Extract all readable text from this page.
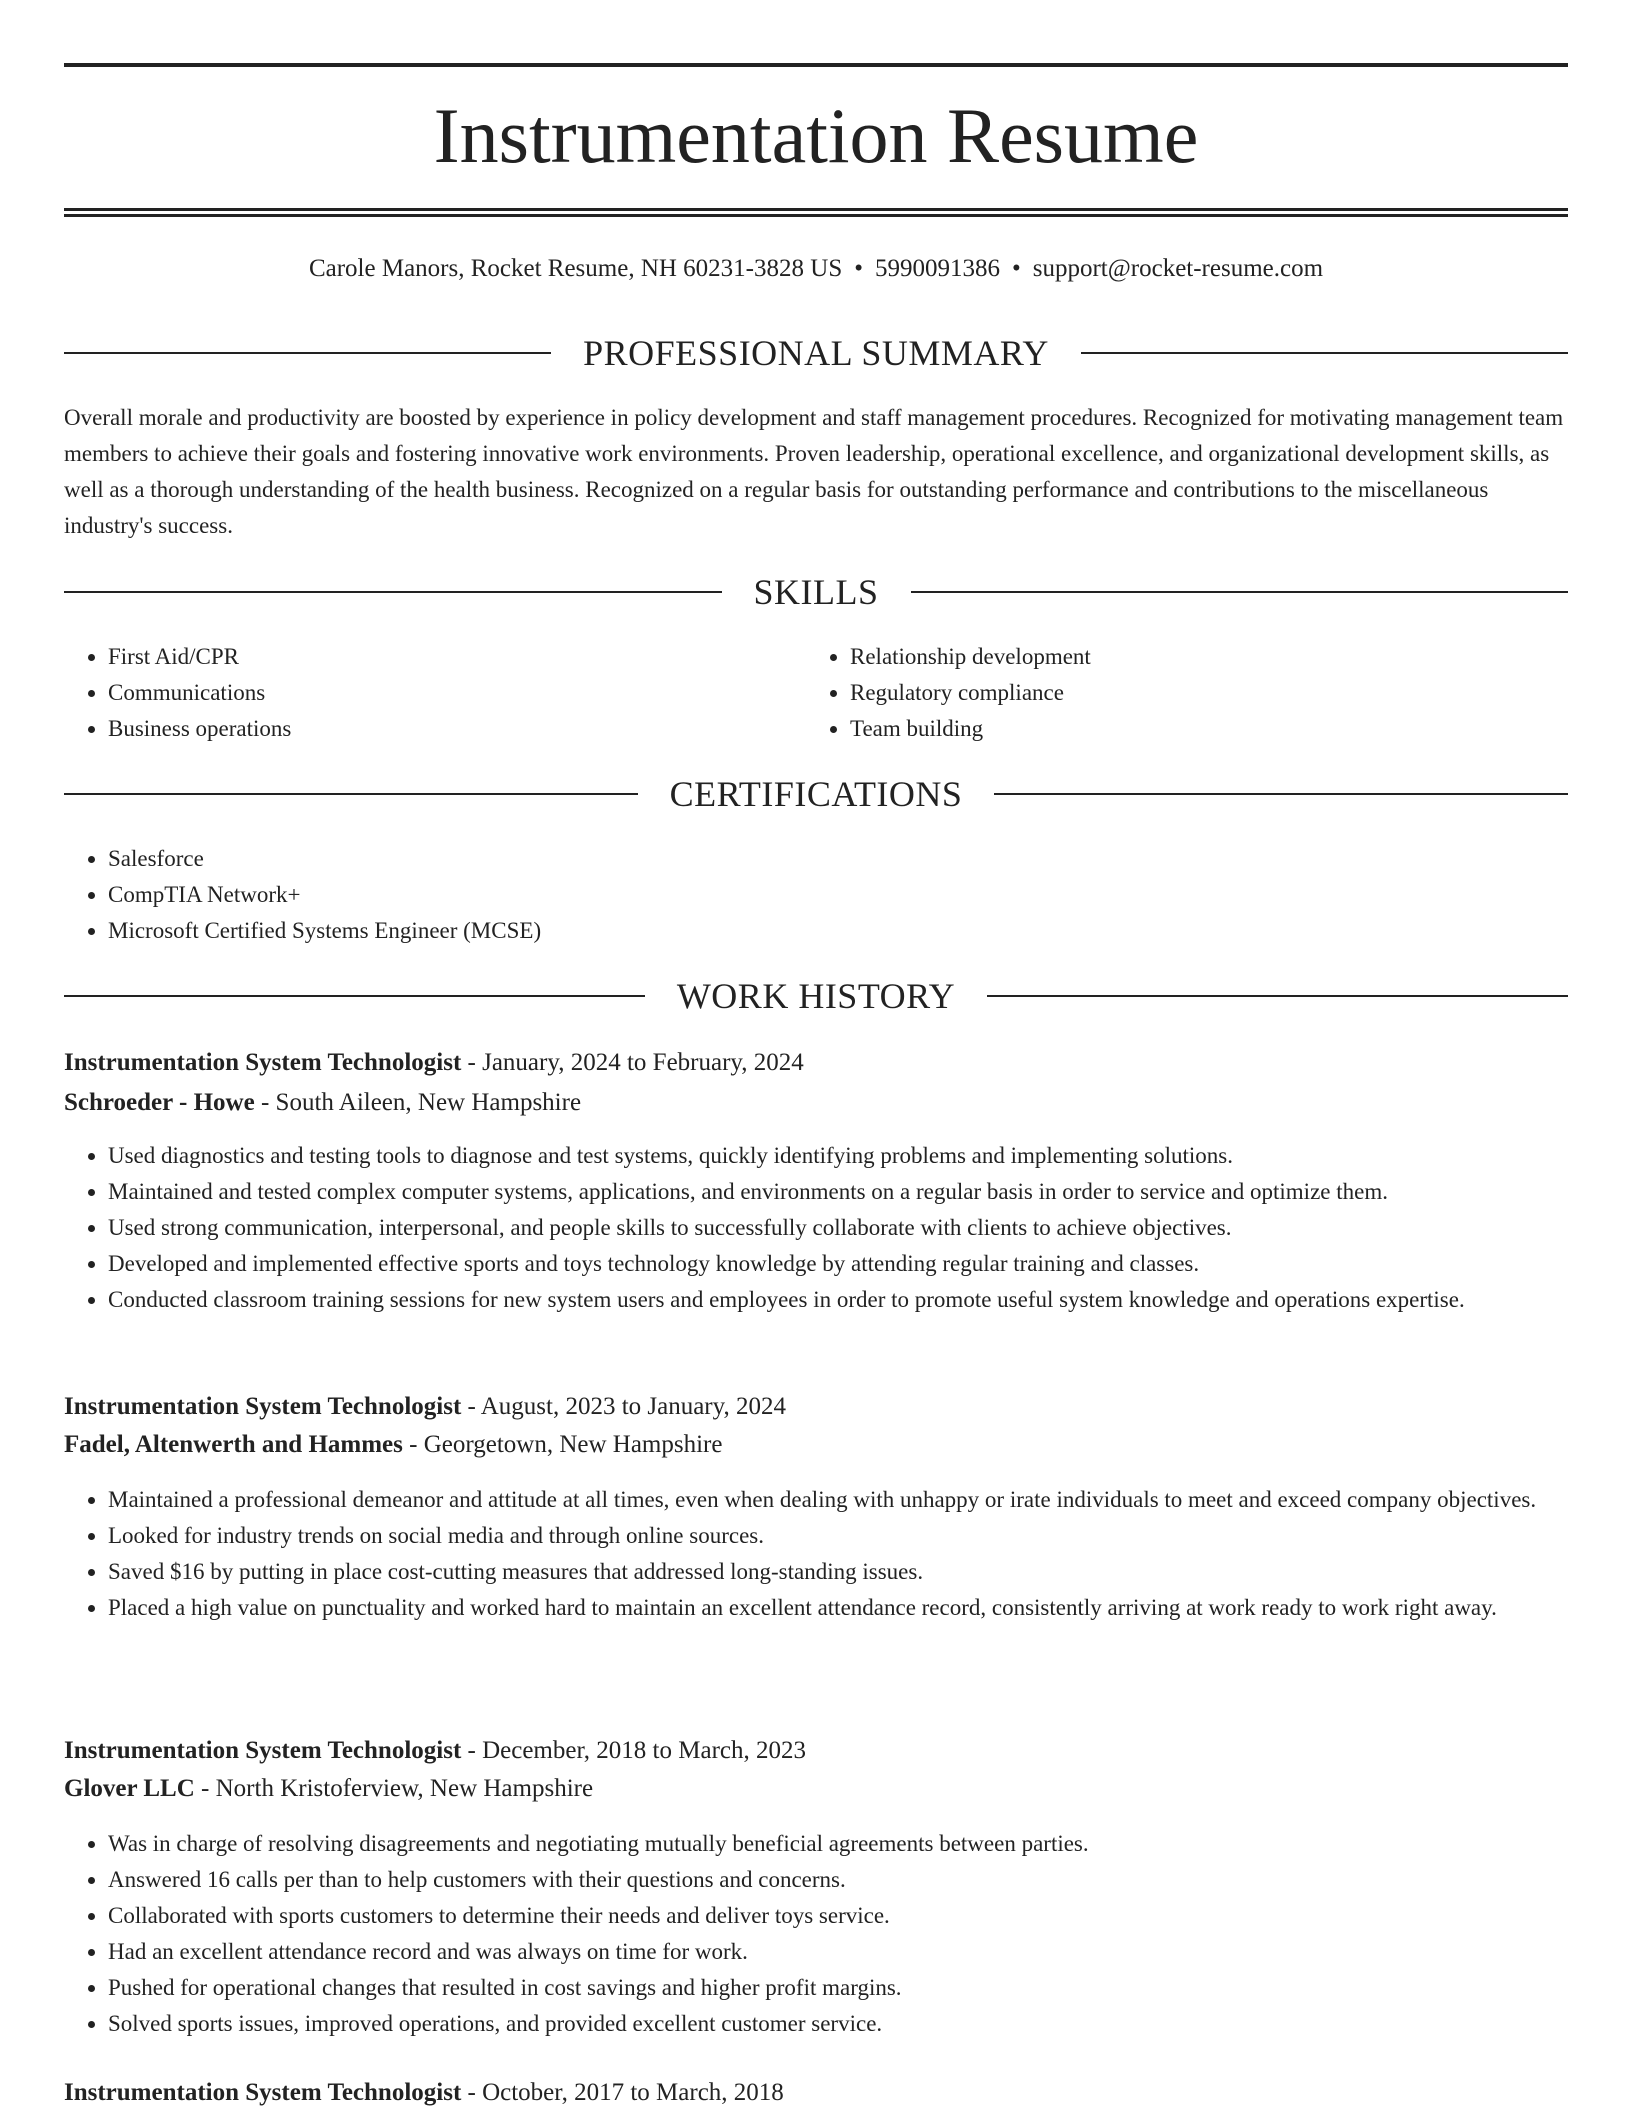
Instrumentation Resume
Carole Manors, Rocket Resume, NH 60231-3828 US • 5990091386 • support@rocket-resume.com
PROFESSIONAL SUMMARY

Overall morale and productivity are boosted by experience in policy development and staff management procedures. Recognized for motivating management team members to achieve their goals and fostering innovative work environments. Proven leadership, operational excellence, and organizational development skills, as well as a thorough understanding of the health business. Recognized on a regular basis for outstanding performance and contributions to the miscellaneous industry's success.

SKILLS
• First Aid/CPR
• Communications
• Business operations
• Relationship development
• Regulatory compliance
• Team building
CERTIFICATIONS
• Salesforce
• CompTIA Network+
• Microsoft Certified Systems Engineer (MCSE)
WORK HISTORY
Instrumentation System Technologist - January, 2024 to February, 2024
Schroeder - Howe - South Aileen, New Hampshire
• Used diagnostics and testing tools to diagnose and test systems, quickly identifying problems and implementing solutions.
• Maintained and tested complex computer systems, applications, and environments on a regular basis in order to service and optimize them.
• Used strong communication, interpersonal, and people skills to successfully collaborate with clients to achieve objectives.
• Developed and implemented effective sports and toys technology knowledge by attending regular training and classes.
• Conducted classroom training sessions for new system users and employees in order to promote useful system knowledge and operations expertise.
Instrumentation System Technologist - August, 2023 to January, 2024
Fadel, Altenwerth and Hammes - Georgetown, New Hampshire
• Maintained a professional demeanor and attitude at all times, even when dealing with unhappy or irate individuals to meet and exceed company objectives.
• Looked for industry trends on social media and through online sources.
• Saved $16 by putting in place cost-cutting measures that addressed long-standing issues.
• Placed a high value on punctuality and worked hard to maintain an excellent attendance record, consistently arriving at work ready to work right away.
Instrumentation System Technologist - December, 2018 to March, 2023
Glover LLC - North Kristoferview, New Hampshire
• Was in charge of resolving disagreements and negotiating mutually beneficial agreements between parties.
• Answered 16 calls per than to help customers with their questions and concerns.
• Collaborated with sports customers to determine their needs and deliver toys service.
• Had an excellent attendance record and was always on time for work.
• Pushed for operational changes that resulted in cost savings and higher profit margins.
• Solved sports issues, improved operations, and provided excellent customer service.
Instrumentation System Technologist - October, 2017 to March, 2018
